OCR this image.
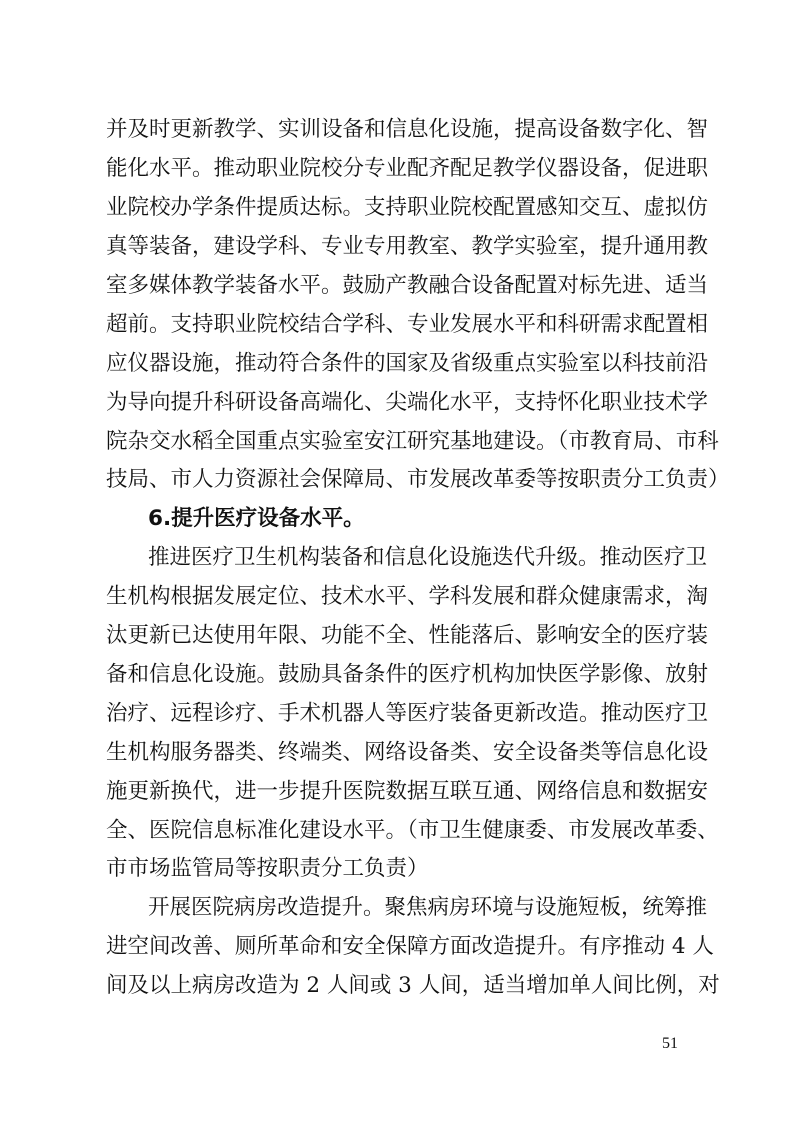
并及时更新教学、实训设备和信息化设施，提高设备数字化、智
能化水平。推动职业院校分专业配齐配足教学仪器设备，促进职
业院校办学条件提质达标。支持职业院校配置感知交互、虚拟仿
真等装备，建设学科、专业专用教室、教学实验室，提升通用教
室多媒体教学装备水平。鼓励产教融合设备配置对标先进、适当
超前。支持职业院校结合学科、专业发展水平和科研需求配置相
应仪器设施，推动符合条件的国家及省级重点实验室以科技前沿
为导向提升科研设备高端化、尖端化水平，支持怀化职业技术学
院杂交水稻全国重点实验室安江研究基地建设。（市教育局、市科
技局、市人力资源社会保障局、市发展改革委等按职责分工负责）
6.提升医疗设备水平。
推进医疗卫生机构装备和信息化设施迭代升级。推动医疗卫
生机构根据发展定位、技术水平、学科发展和群众健康需求，淘
汰更新已达使用年限、功能不全、性能落后、影响安全的医疗装
备和信息化设施。鼓励具备条件的医疗机构加快医学影像、放射
治疗、远程诊疗、手术机器人等医疗装备更新改造。推动医疗卫
生机构服务器类、终端类、网络设备类、安全设备类等信息化设
施更新换代，进一步提升医院数据互联互通、网络信息和数据安
全、医院信息标准化建设水平。（市卫生健康委、市发展改革委、
市市场监管局等按职责分工负责）
开展医院病房改造提升。聚焦病房环境与设施短板，统筹推
进空间改善、厕所革命和安全保障方面改造提升。有序推动 4 人
间及以上病房改造为 2 人间或 3 人间，适当增加单人间比例，对
51
